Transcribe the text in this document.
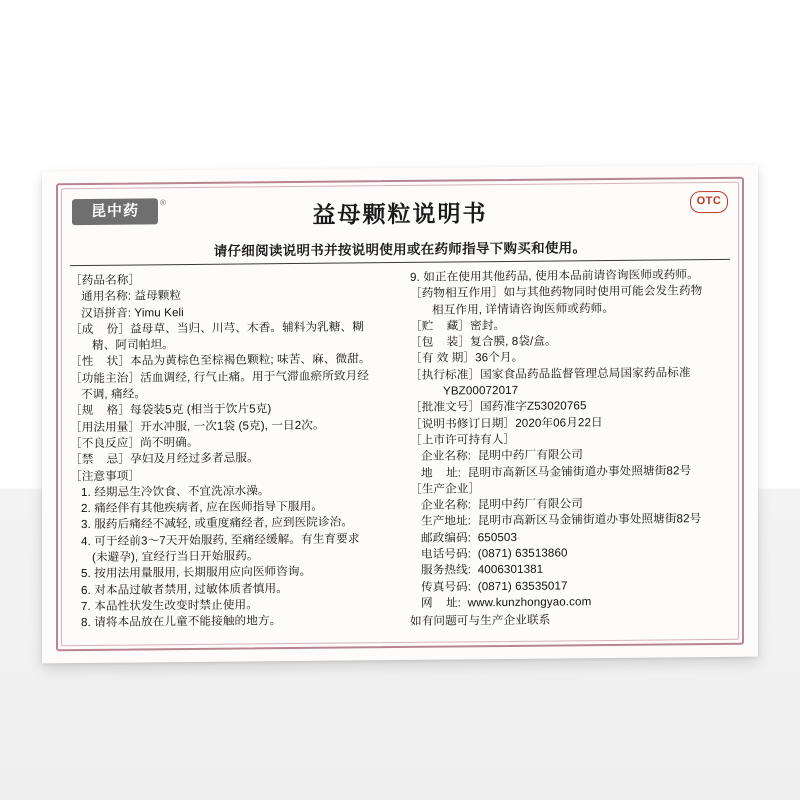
昆中药	®	OTC
益母颗粒说明书
请仔细阅读说明书并按说明使用或在药师指导下购买和使用。
［药品名称］
通用名称: 益母颗粒
汉语拼音: Yimu Keli
［成    份］益母草、当归、川芎、木香。辅料为乳糖、糊
精、阿司帕坦。
［性    状］本品为黄棕色至棕褐色颗粒; 味苦、麻、微甜。
［功能主治］活血调经, 行气止痛。用于气滞血瘀所致月经
不调, 痛经。
［规    格］每袋装5克 (相当于饮片5克)
［用法用量］开水冲服, 一次1袋 (5克), 一日2次。
［不良反应］尚不明确。
［禁    忌］孕妇及月经过多者忌服。
［注意事项］
1. 经期忌生冷饮食、不宜洗凉水澡。
2. 痛经伴有其他疾病者, 应在医师指导下服用。
3. 服药后痛经不减轻, 或重度痛经者, 应到医院诊治。
4. 可于经前3～7天开始服药, 至痛经缓解。有生育要求
(未避孕), 宜经行当日开始服药。
5. 按用法用量服用, 长期服用应向医师咨询。
6. 对本品过敏者禁用, 过敏体质者慎用。
7. 本品性状发生改变时禁止使用。
8. 请将本品放在儿童不能接触的地方。
9. 如正在使用其他药品, 使用本品前请咨询医师或药师。
［药物相互作用］如与其他药物同时使用可能会发生药物
相互作用, 详情请咨询医师或药师。
［贮    藏］密封。
［包    装］复合膜, 8袋/盒。
［有 效 期］36个月。
［执行标准］国家食品药品监督管理总局国家药品标准
YBZ00072017
［批准文号］国药准字Z53020765
［说明书修订日期］2020年06月22日
［上市许可持有人］
企业名称:  昆明中药厂有限公司
地    址:  昆明市高新区马金铺街道办事处照塘街82号
［生产企业］
企业名称:  昆明中药厂有限公司
生产地址:  昆明市高新区马金铺街道办事处照塘街82号
邮政编码:  650503
电话号码:  (0871) 63513860
服务热线:  4006301381
传真号码:  (0871) 63535017
网    址:  www.kunzhongyao.com
如有问题可与生产企业联系
